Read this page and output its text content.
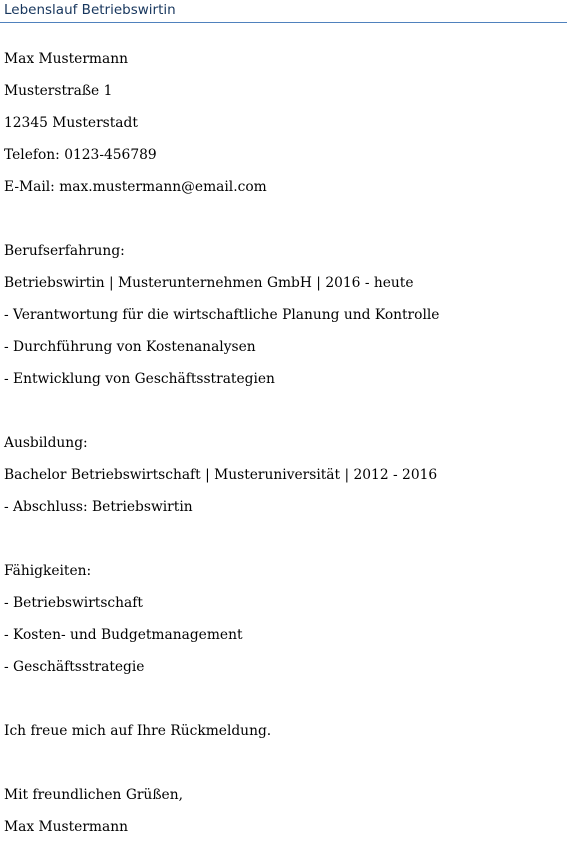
Lebenslauf Betriebswirtin
Max Mustermann
Musterstraße 1
12345 Musterstadt
Telefon: 0123-456789
E-Mail: max.mustermann@email.com
Berufserfahrung:
Betriebswirtin | Musterunternehmen GmbH | 2016 - heute
- Verantwortung für die wirtschaftliche Planung und Kontrolle
- Durchführung von Kostenanalysen
- Entwicklung von Geschäftsstrategien
Ausbildung:
Bachelor Betriebswirtschaft | Musteruniversität | 2012 - 2016
- Abschluss: Betriebswirtin
Fähigkeiten:
- Betriebswirtschaft
- Kosten- und Budgetmanagement
- Geschäftsstrategie
Ich freue mich auf Ihre Rückmeldung.
Mit freundlichen Grüßen,
Max Mustermann
